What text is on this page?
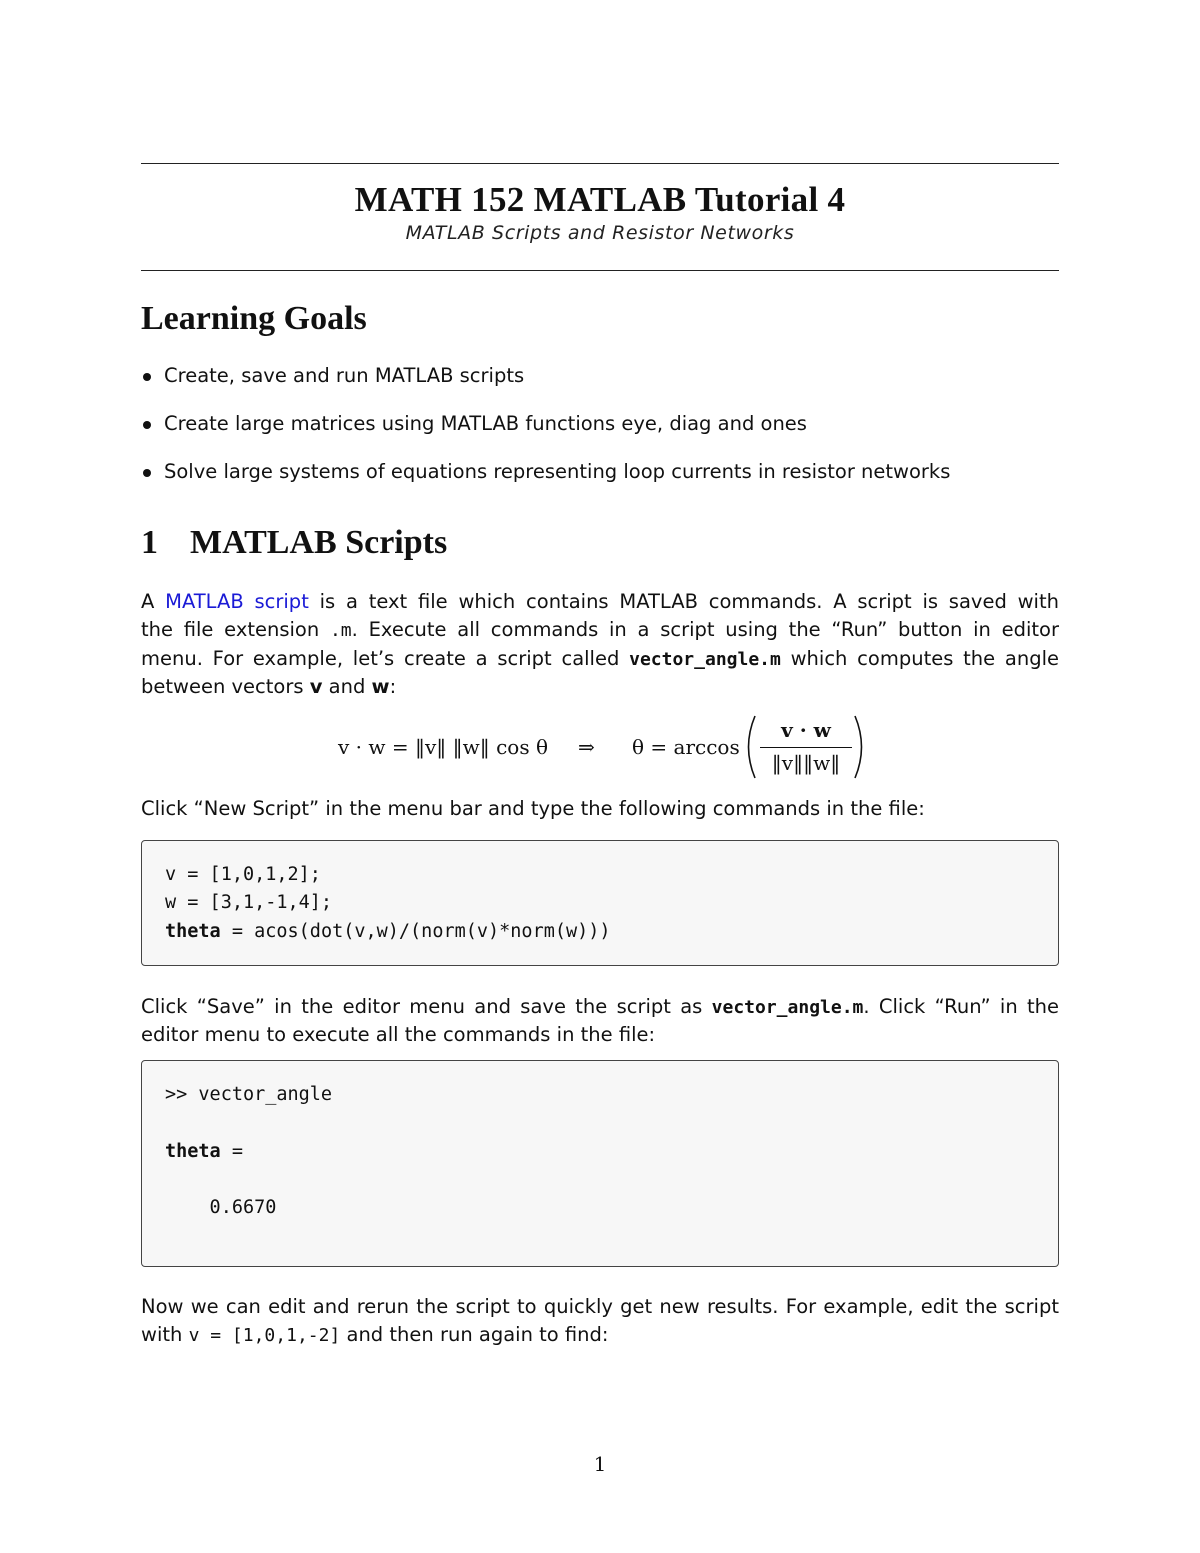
MATH 152 MATLAB Tutorial 4
MATLAB Scripts and Resistor Networks
Learning Goals
Create, save and run MATLAB scripts
Create large matrices using MATLAB functions eye, diag and ones
Solve large systems of equations representing loop currents in resistor networks
1 MATLAB Scripts
A MATLAB script is a text file which contains MATLAB commands. A script is saved with
the file extension .m. Execute all commands in a script using the “Run” button in editor
menu. For example, let’s create a script called vector_angle.m which computes the angle
between vectors v and w:
v · w = ‖v‖ ‖w‖ cos θ ⇒ θ = arccos
v · w
‖v‖‖w‖
Click “New Script” in the menu bar and type the following commands in the file:
v = [1,0,1,2];
w = [3,1,-1,4];
theta = acos(dot(v,w)/(norm(v)*norm(w)))
Click “Save” in the editor menu and save the script as vector_angle.m. Click “Run” in the
editor menu to execute all the commands in the file:
>> vector_angle

theta =

0.6670
Now we can edit and rerun the script to quickly get new results. For example, edit the script
with v = [1,0,1,-2] and then run again to find:
1
